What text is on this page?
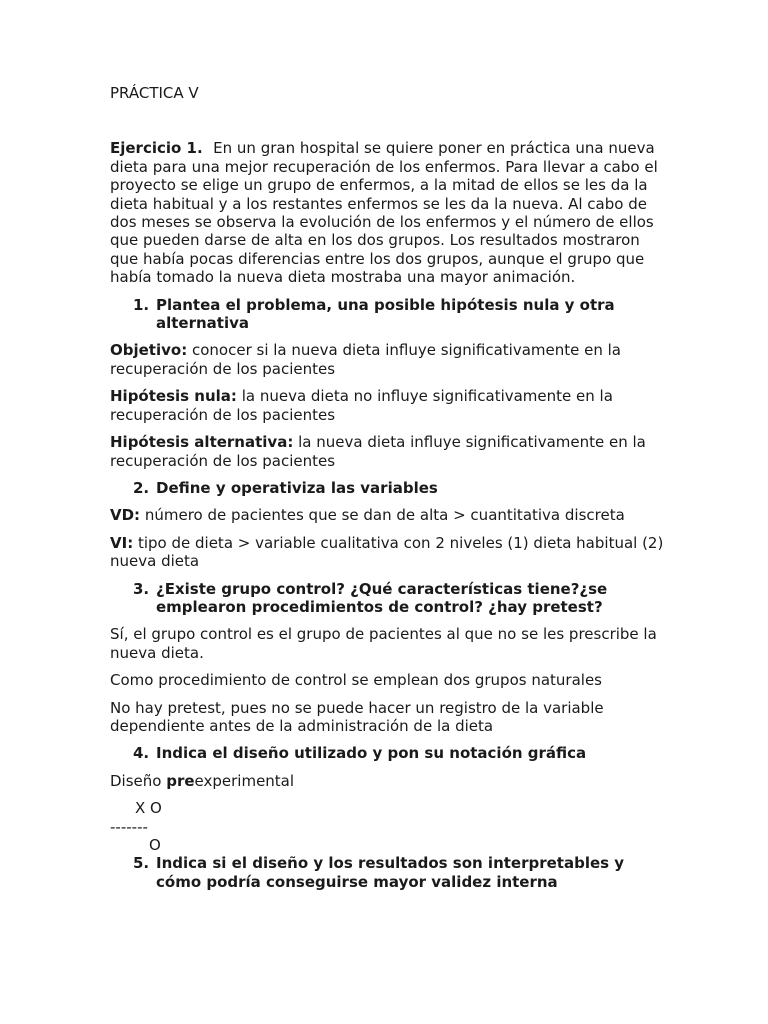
PRÁCTICA V

Ejercicio 1. En un gran hospital se quiere poner en práctica una nueva dieta para una mejor recuperación de los enfermos. Para llevar a cabo el proyecto se elige un grupo de enfermos, a la mitad de ellos se les da la dieta habitual y a los restantes enfermos se les da la nueva. Al cabo de dos meses se observa la evolución de los enfermos y el número de ellos que pueden darse de alta en los dos grupos. Los resultados mostraron que había pocas diferencias entre los dos grupos, aunque el grupo que había tomado la nueva dieta mostraba una mayor animación.

1. Plantea el problema, una posible hipótesis nula y otra alternativa

Objetivo: conocer si la nueva dieta influye significativamente en la recuperación de los pacientes

Hipótesis nula: la nueva dieta no influye significativamente en la recuperación de los pacientes

Hipótesis alternativa: la nueva dieta influye significativamente en la recuperación de los pacientes

2. Define y operativiza las variables

VD: número de pacientes que se dan de alta > cuantitativa discreta

VI: tipo de dieta > variable cualitativa con 2 niveles (1) dieta habitual (2) nueva dieta

3. ¿Existe grupo control? ¿Qué características tiene?¿se emplearon procedimientos de control? ¿hay pretest?

Sí, el grupo control es el grupo de pacientes al que no se les prescribe la nueva dieta.

Como procedimiento de control se emplean dos grupos naturales

No hay pretest, pues no se puede hacer un registro de la variable dependiente antes de la administración de la dieta

4. Indica el diseño utilizado y pon su notación gráfica

Diseño preexperimental

X O
-------
O
5. Indica si el diseño y los resultados son interpretables y cómo podría conseguirse mayor validez interna
